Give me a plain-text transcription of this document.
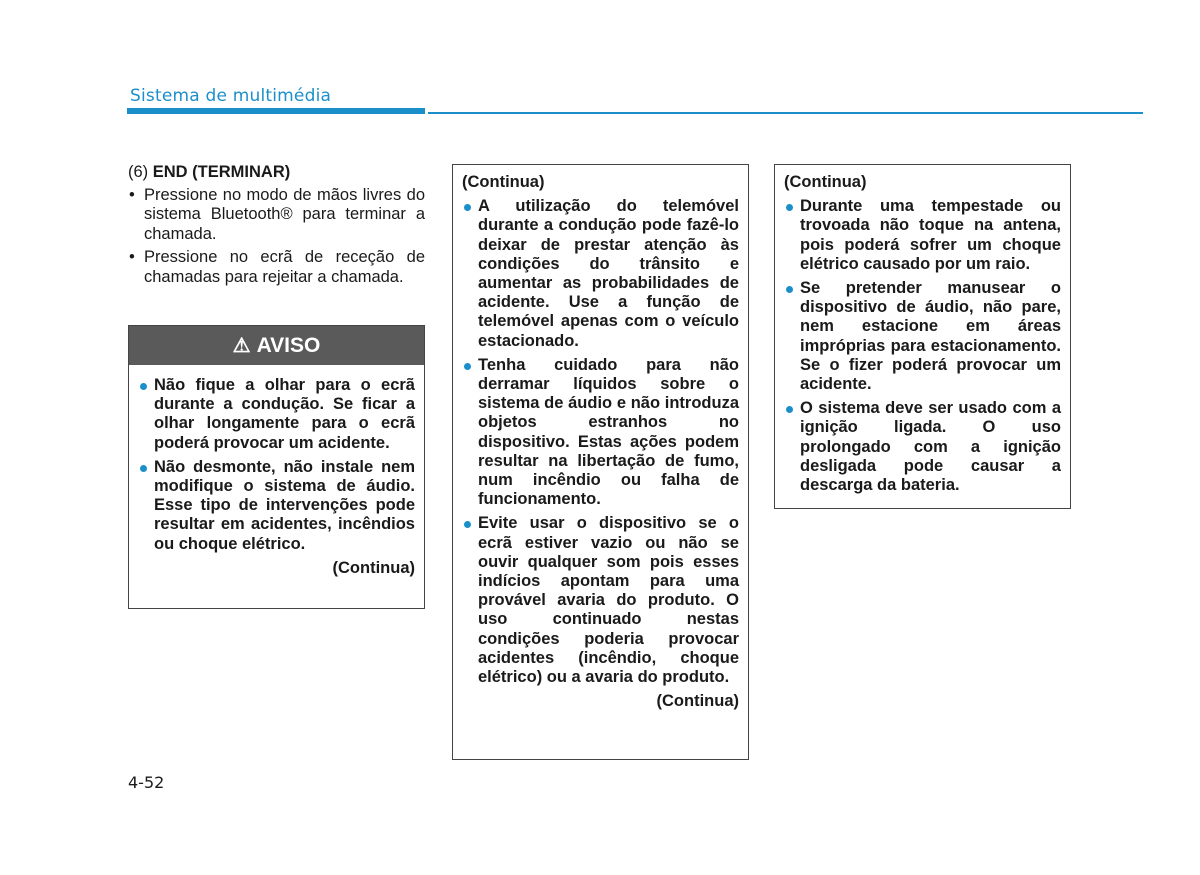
Sistema de multimédia

(6) END (TERMINAR)

• Pressione no modo de mãos livres do sistema Bluetooth® para terminar a chamada.
• Pressione no ecrã de receção de chamadas para rejeitar a chamada.
⚠ AVISO
Não fique a olhar para o ecrã durante a condução. Se ficar a olhar longamente para o ecrã poderá provocar um acidente.
Não desmonte, não instale nem modifique o sistema de áudio. Esse tipo de intervenções pode resultar em acidentes, incêndios ou choque elétrico.
(Continua)
(Continua)
A utilização do telemóvel durante a condução pode fazê-lo deixar de prestar atenção às condições do trânsito e aumentar as probabilidades de acidente. Use a função de telemóvel apenas com o veículo estacionado.
Tenha cuidado para não derramar líquidos sobre o sistema de áudio e não introduza objetos estranhos no dispositivo. Estas ações podem resultar na libertação de fumo, num incêndio ou falha de funcionamento.
Evite usar o dispositivo se o ecrã estiver vazio ou não se ouvir qualquer som pois esses indícios apontam para uma provável avaria do produto. O uso continuado nestas condições poderia provocar acidentes (incêndio, choque elétrico) ou a avaria do produto.
(Continua)
(Continua)
Durante uma tempestade ou trovoada não toque na antena, pois poderá sofrer um choque elétrico causado por um raio.
Se pretender manusear o dispositivo de áudio, não pare, nem estacione em áreas impróprias para estacionamento. Se o fizer poderá provocar um acidente.
O sistema deve ser usado com a ignição ligada. O uso prolongado com a ignição desligada pode causar a descarga da bateria.
4-52
